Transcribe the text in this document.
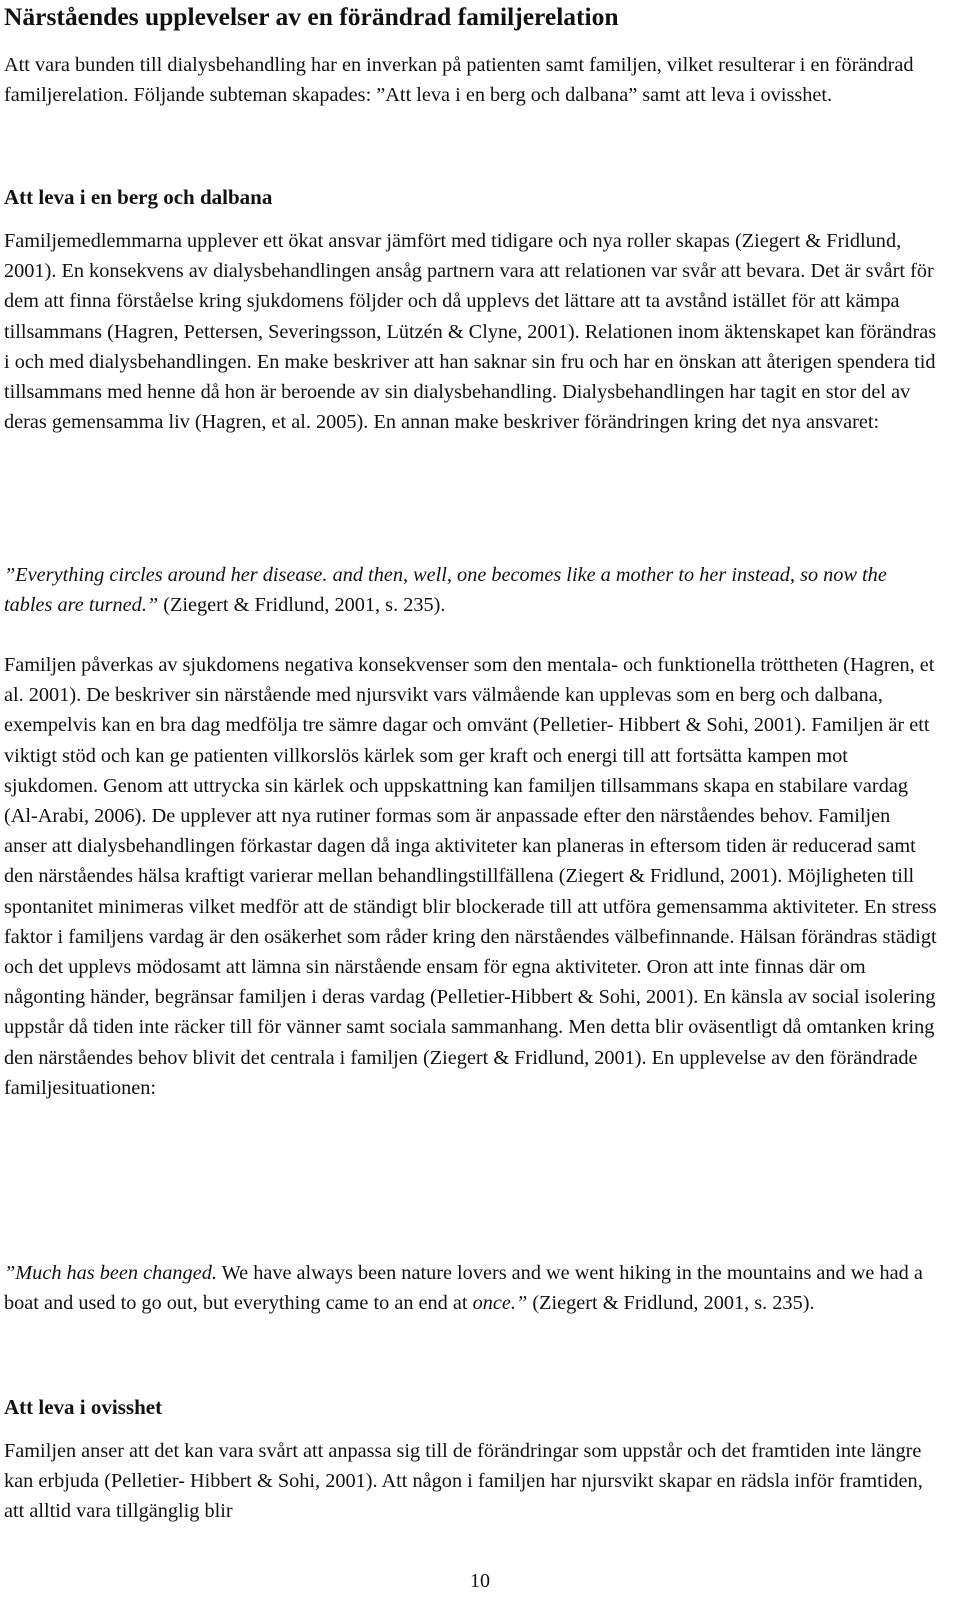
Närståendes upplevelser av en förändrad familjerelation

Att vara bunden till dialysbehandling har en inverkan på patienten samt familjen, vilket resulterar i en förändrad familjerelation. Följande subteman skapades: ”Att leva i en berg och dalbana” samt att leva i ovisshet.

Att leva i en berg och dalbana

Familjemedlemmarna upplever ett ökat ansvar jämfört med tidigare och nya roller skapas (Ziegert & Fridlund, 2001). En konsekvens av dialysbehandlingen ansåg partnern vara att relationen var svår att bevara. Det är svårt för dem att finna förståelse kring sjukdomens följder och då upplevs det lättare att ta avstånd istället för att kämpa tillsammans (Hagren, Pettersen, Severingsson, Lützén & Clyne, 2001). Relationen inom äktenskapet kan förändras i och med dialysbehandlingen. En make beskriver att han saknar sin fru och har en önskan att återigen spendera tid tillsammans med henne då hon är beroende av sin dialysbehandling. Dialysbehandlingen har tagit en stor del av deras gemensamma liv (Hagren, et al. 2005). En annan make beskriver förändringen kring det nya ansvaret:

”Everything circles around her disease. and then, well, one becomes like a mother to her instead, so now the tables are turned.” (Ziegert & Fridlund, 2001, s. 235).

Familjen påverkas av sjukdomens negativa konsekvenser som den mentala- och funktionella tröttheten (Hagren, et al. 2001). De beskriver sin närstående med njursvikt vars välmående kan upplevas som en berg och dalbana, exempelvis kan en bra dag medfölja tre sämre dagar och omvänt (Pelletier- Hibbert & Sohi, 2001). Familjen är ett viktigt stöd och kan ge patienten villkorslös kärlek som ger kraft och energi till att fortsätta kampen mot sjukdomen. Genom att uttrycka sin kärlek och uppskattning kan familjen tillsammans skapa en stabilare vardag (Al-Arabi, 2006). De upplever att nya rutiner formas som är anpassade efter den närståendes behov. Familjen anser att dialysbehandlingen förkastar dagen då inga aktiviteter kan planeras in eftersom tiden är reducerad samt den närståendes hälsa kraftigt varierar mellan behandlingstillfällena (Ziegert & Fridlund, 2001). Möjligheten till spontanitet minimeras vilket medför att de ständigt blir blockerade till att utföra gemensamma aktiviteter. En stress faktor i familjens vardag är den osäkerhet som råder kring den närståendes välbefinnande. Hälsan förändras städigt och det upplevs mödosamt att lämna sin närstående ensam för egna aktiviteter. Oron att inte finnas där om någonting händer, begränsar familjen i deras vardag (Pelletier-Hibbert & Sohi, 2001). En känsla av social isolering uppstår då tiden inte räcker till för vänner samt sociala sammanhang. Men detta blir oväsentligt då omtanken kring den närståendes behov blivit det centrala i familjen (Ziegert & Fridlund, 2001). En upplevelse av den förändrade familjesituationen:

”Much has been changed. We have always been nature lovers and we went hiking in the mountains and we had a boat and used to go out, but everything came to an end at once.” (Ziegert & Fridlund, 2001, s. 235).

Att leva i ovisshet

Familjen anser att det kan vara svårt att anpassa sig till de förändringar som uppstår och det framtiden inte längre kan erbjuda (Pelletier- Hibbert & Sohi, 2001). Att någon i familjen har njursvikt skapar en rädsla inför framtiden, att alltid vara tillgänglig blir

10
